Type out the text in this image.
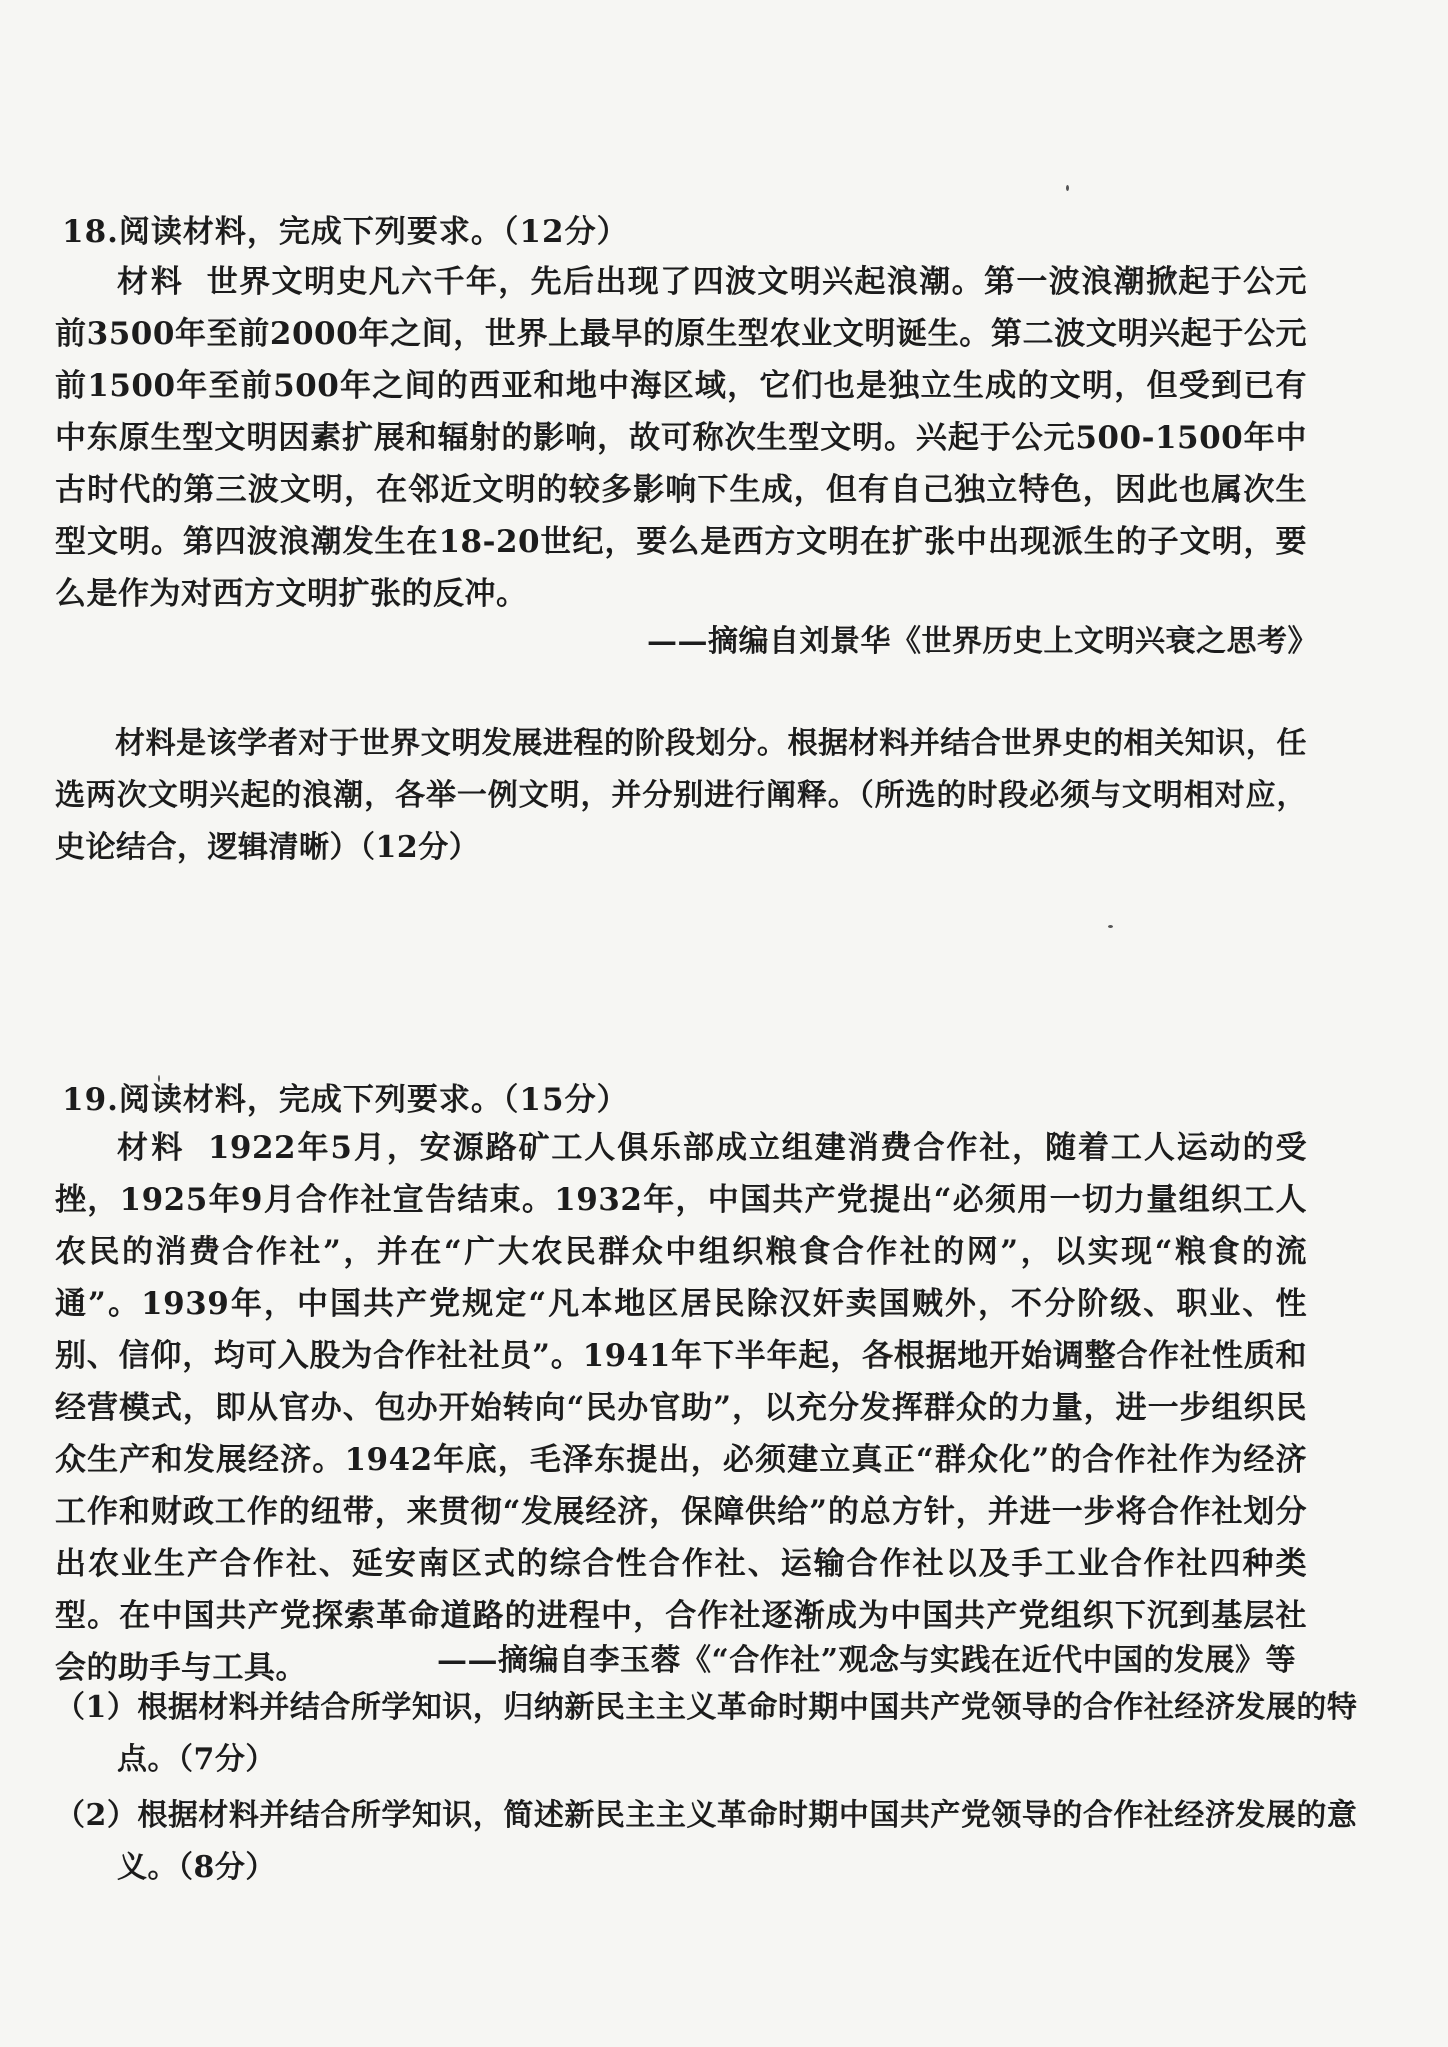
18.阅读材料，完成下列要求。（12分）

材料 世界文明史凡六千年，先后出现了四波文明兴起浪潮。第一波浪潮掀起于公元前3500年至前2000年之间，世界上最早的原生型农业文明诞生。第二波文明兴起于公元前1500年至前500年之间的西亚和地中海区域，它们也是独立生成的文明，但受到已有中东原生型文明因素扩展和辐射的影响，故可称次生型文明。兴起于公元500-1500年中古时代的第三波文明，在邻近文明的较多影响下生成，但有自己独立特色，因此也属次生型文明。第四波浪潮发生在18-20世纪，要么是西方文明在扩张中出现派生的子文明，要么是作为对西方文明扩张的反冲。

——摘编自刘景华《世界历史上文明兴衰之思考》

材料是该学者对于世界文明发展进程的阶段划分。根据材料并结合世界史的相关知识，任选两次文明兴起的浪潮，各举一例文明，并分别进行阐释。（所选的时段必须与文明相对应，史论结合，逻辑清晰）（12分）

19.阅读材料，完成下列要求。（15分）

材料 1922年5月，安源路矿工人俱乐部成立组建消费合作社，随着工人运动的受挫，1925年9月合作社宣告结束。1932年，中国共产党提出“必须用一切力量组织工人农民的消费合作社”，并在“广大农民群众中组织粮食合作社的网”，以实现“粮食的流通”。1939年，中国共产党规定“凡本地区居民除汉奸卖国贼外，不分阶级、职业、性别、信仰，均可入股为合作社社员”。1941年下半年起，各根据地开始调整合作社性质和经营模式，即从官办、包办开始转向“民办官助”，以充分发挥群众的力量，进一步组织民众生产和发展经济。1942年底，毛泽东提出，必须建立真正“群众化”的合作社作为经济工作和财政工作的纽带，来贯彻“发展经济，保障供给”的总方针，并进一步将合作社划分出农业生产合作社、延安南区式的综合性合作社、运输合作社以及手工业合作社四种类型。在中国共产党探索革命道路的进程中，合作社逐渐成为中国共产党组织下沉到基层社会的助手与工具。	——摘编自李玉蓉《“合作社”观念与实践在近代中国的发展》等

（1）根据材料并结合所学知识，归纳新民主主义革命时期中国共产党领导的合作社经济发展的特点。（7分）

（2）根据材料并结合所学知识，简述新民主主义革命时期中国共产党领导的合作社经济发展的意义。（8分）
